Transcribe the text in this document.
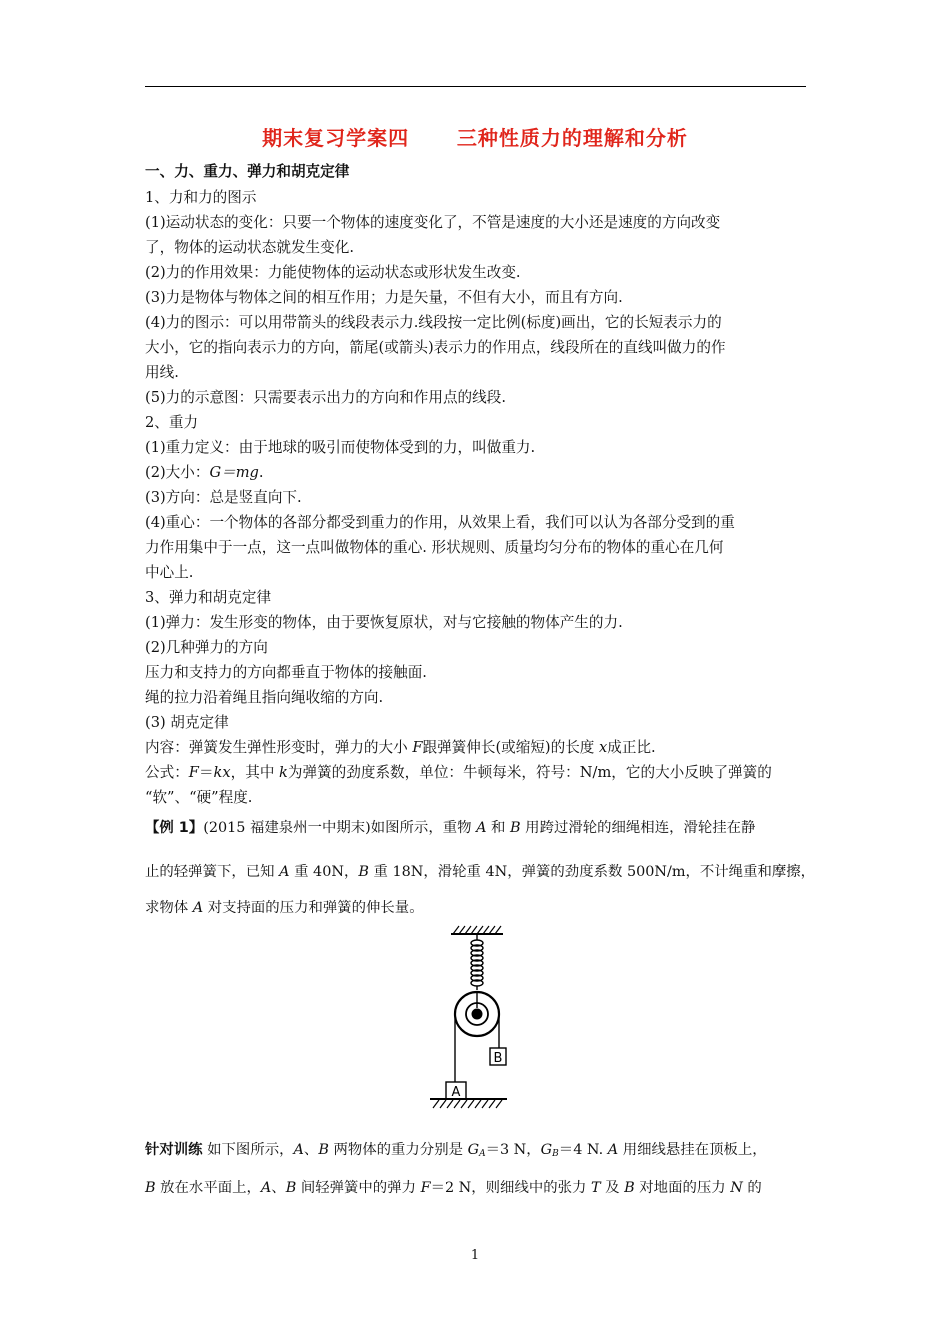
期末复习学案四      三种性质力的理解和分析
一、力、重力、弹力和胡克定律
1、力和力的图示
(1)运动状态的变化：只要一个物体的速度变化了，不管是速度的大小还是速度的方向改变
了，物体的运动状态就发生变化.
(2)力的作用效果：力能使物体的运动状态或形状发生改变.
(3)力是物体与物体之间的相互作用；力是矢量，不但有大小，而且有方向.
(4)力的图示：可以用带箭头的线段表示力.线段按一定比例(标度)画出，它的长短表示力的
大小，它的指向表示力的方向，箭尾(或箭头)表示力的作用点，线段所在的直线叫做力的作
用线.
(5)力的示意图：只需要表示出力的方向和作用点的线段.
2、重力
(1)重力定义：由于地球的吸引而使物体受到的力，叫做重力.
(2)大小：G＝mg.
(3)方向：总是竖直向下.
(4)重心：一个物体的各部分都受到重力的作用，从效果上看，我们可以认为各部分受到的重
力作用集中于一点，这一点叫做物体的重心. 形状规则、质量均匀分布的物体的重心在几何
中心上.
3、弹力和胡克定律
(1)弹力：发生形变的物体，由于要恢复原状，对与它接触的物体产生的力.
(2)几种弹力的方向
压力和支持力的方向都垂直于物体的接触面.
绳的拉力沿着绳且指向绳收缩的方向.
(3) 胡克定律
内容：弹簧发生弹性形变时，弹力的大小 F跟弹簧伸长(或缩短)的长度 x成正比.
公式：F＝kx，其中 k为弹簧的劲度系数，单位：牛顿每米，符号：N/m，它的大小反映了弹簧的
“软”、“硬”程度.
【例 1】(2015 福建泉州一中期末)如图所示，重物 A 和 B 用跨过滑轮的细绳相连，滑轮挂在静
止的轻弹簧下，已知 A 重 40N，B 重 18N，滑轮重 4N，弹簧的劲度系数 500N/m，不计绳重和摩擦，
求物体 A 对支持面的压力和弹簧的伸长量。
B
A
针对训练 如下图所示，A、B 两物体的重力分别是 $G_A=3$ N，$G_B=4$ N. A 用细线悬挂在顶板上，
B 放在水平面上，A、B 间轻弹簧中的弹力 F＝2 N，则细线中的张力 T 及 B 对地面的压力 N 的
1
